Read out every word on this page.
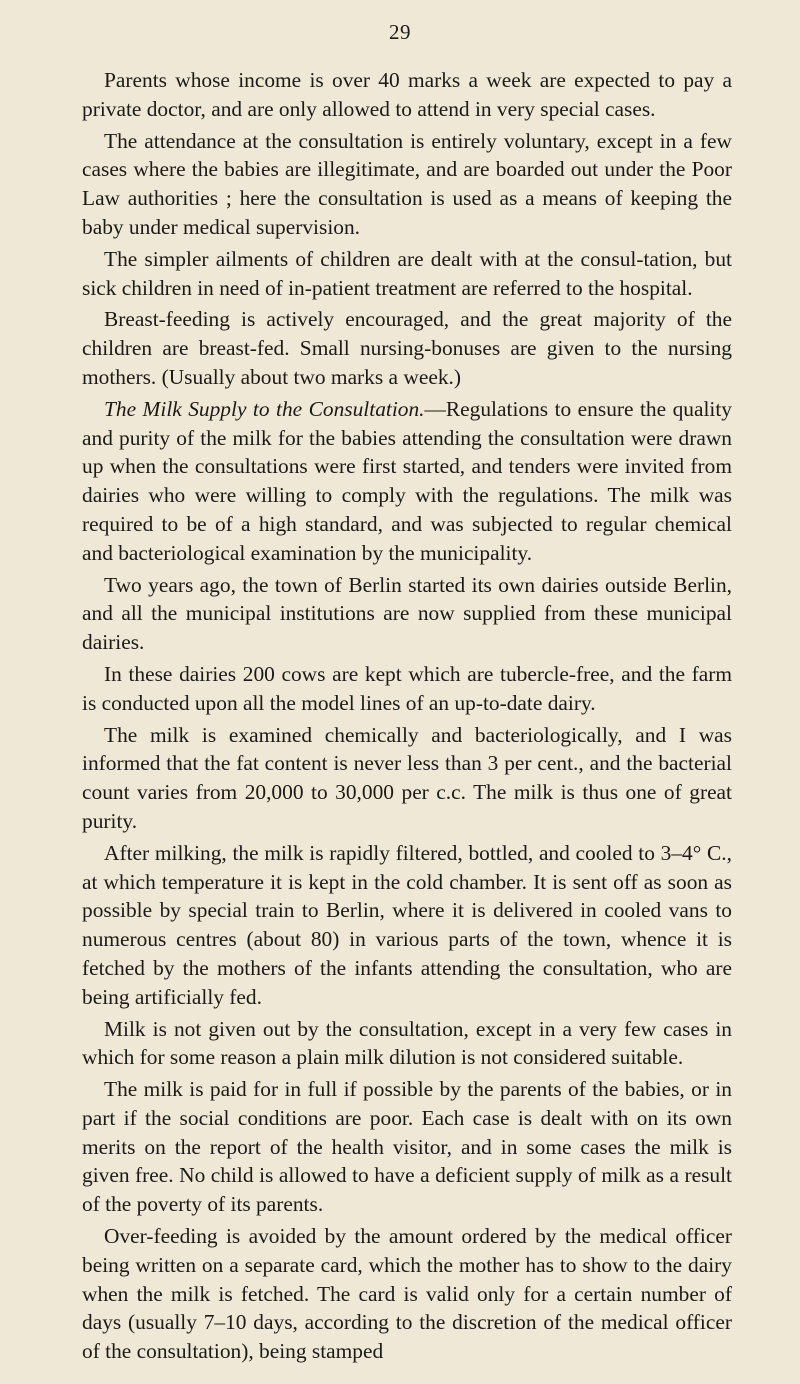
29

Parents whose income is over 40 marks a week are expected to pay a private doctor, and are only allowed to attend in very special cases.

The attendance at the consultation is entirely voluntary, except in a few cases where the babies are illegitimate, and are boarded out under the Poor Law authorities ; here the consultation is used as a means of keeping the baby under medical supervision.

The simpler ailments of children are dealt with at the consul-tation, but sick children in need of in-patient treatment are referred to the hospital.

Breast-feeding is actively encouraged, and the great majority of the children are breast-fed. Small nursing-bonuses are given to the nursing mothers. (Usually about two marks a week.)

The Milk Supply to the Consultation.—Regulations to ensure the quality and purity of the milk for the babies attending the consultation were drawn up when the consultations were first started, and tenders were invited from dairies who were willing to comply with the regulations. The milk was required to be of a high standard, and was subjected to regular chemical and bacteriological examination by the municipality.

Two years ago, the town of Berlin started its own dairies outside Berlin, and all the municipal institutions are now supplied from these municipal dairies.

In these dairies 200 cows are kept which are tubercle-free, and the farm is conducted upon all the model lines of an up-to-date dairy.

The milk is examined chemically and bacteriologically, and I was informed that the fat content is never less than 3 per cent., and the bacterial count varies from 20,000 to 30,000 per c.c. The milk is thus one of great purity.

After milking, the milk is rapidly filtered, bottled, and cooled to 3–4° C., at which temperature it is kept in the cold chamber. It is sent off as soon as possible by special train to Berlin, where it is delivered in cooled vans to numerous centres (about 80) in various parts of the town, whence it is fetched by the mothers of the infants attending the consultation, who are being artificially fed.

Milk is not given out by the consultation, except in a very few cases in which for some reason a plain milk dilution is not considered suitable.

The milk is paid for in full if possible by the parents of the babies, or in part if the social conditions are poor. Each case is dealt with on its own merits on the report of the health visitor, and in some cases the milk is given free. No child is allowed to have a deficient supply of milk as a result of the poverty of its parents.

Over-feeding is avoided by the amount ordered by the medical officer being written on a separate card, which the mother has to show to the dairy when the milk is fetched. The card is valid only for a certain number of days (usually 7–10 days, according to the discretion of the medical officer of the consultation), being stamped
